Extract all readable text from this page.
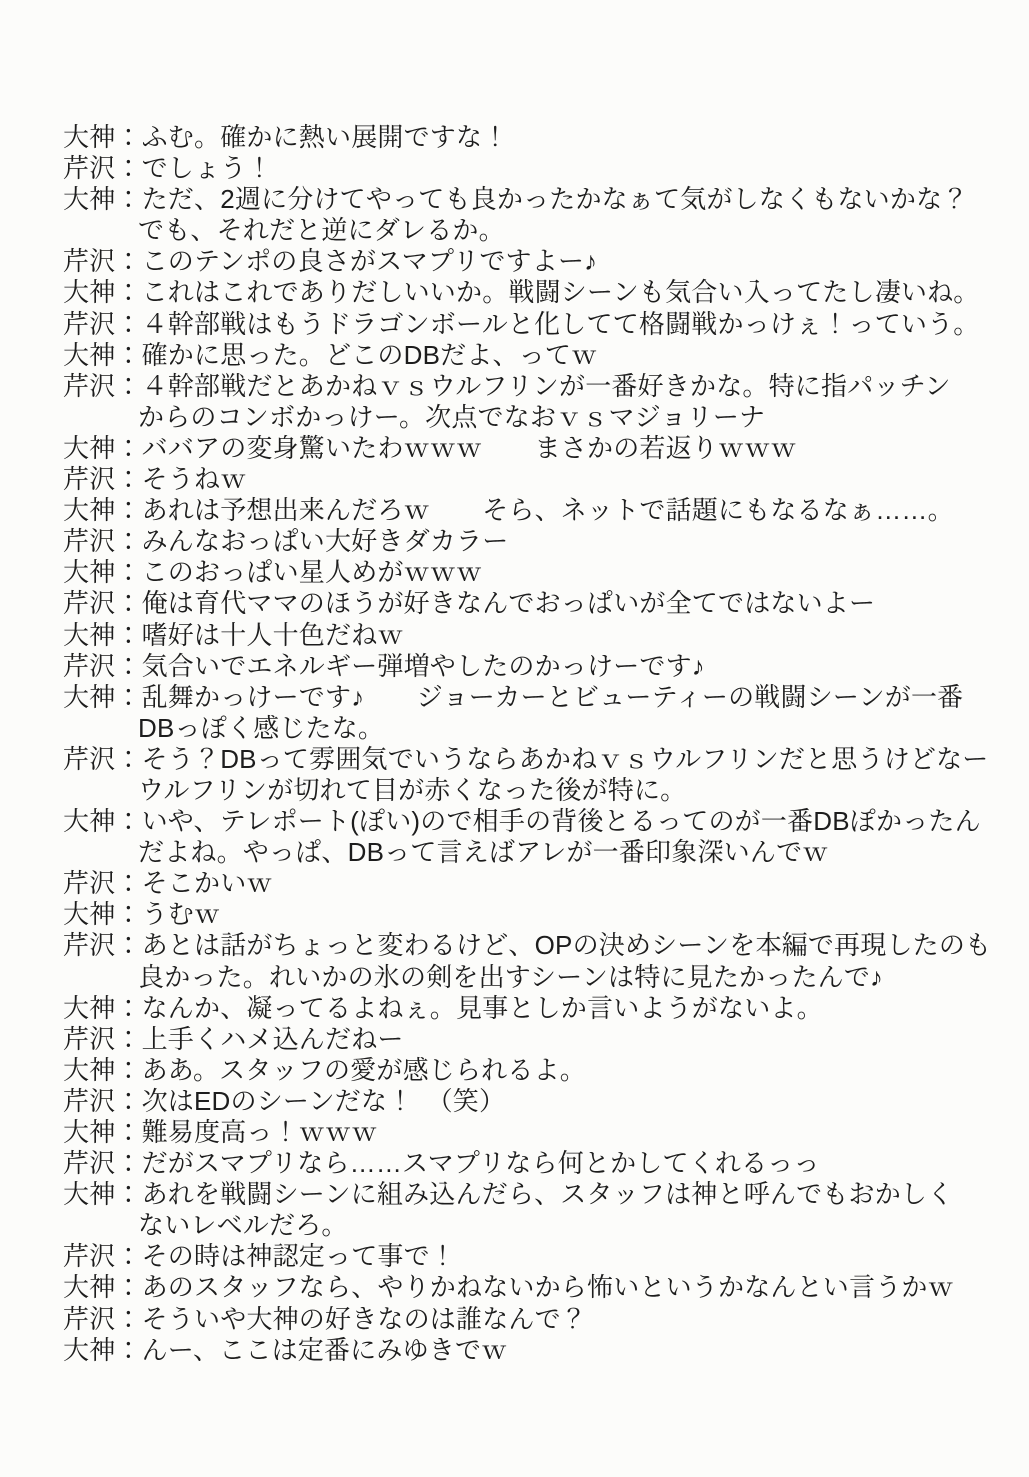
大神：ふむ。確かに熱い展開ですな！
芹沢：でしょう！
大神：ただ、2週に分けてやっても良かったかなぁて気がしなくもないかな？
でも、それだと逆にダレるか。
芹沢：このテンポの良さがスマプリですよー♪
大神：これはこれでありだしいいか。戦闘シーンも気合い入ってたし凄いね。
芹沢：４幹部戦はもうドラゴンボールと化してて格闘戦かっけぇ！っていう。
大神：確かに思った。どこのDBだよ、ってｗ
芹沢：４幹部戦だとあかねｖｓウルフリンが一番好きかな。特に指パッチン
からのコンボかっけー。次点でなおｖｓマジョリーナ
大神：ババアの変身驚いたわｗｗｗ　　まさかの若返りｗｗｗ
芹沢：そうねｗ
大神：あれは予想出来んだろｗ　　そら、ネットで話題にもなるなぁ……。
芹沢：みんなおっぱい大好きダカラー
大神：このおっぱい星人めがｗｗｗ
芹沢：俺は育代ママのほうが好きなんでおっぱいが全てではないよー
大神：嗜好は十人十色だねｗ
芹沢：気合いでエネルギー弾増やしたのかっけーです♪
大神：乱舞かっけーです♪　　ジョーカーとビューティーの戦闘シーンが一番
DBっぽく感じたな。
芹沢：そう？DBって雰囲気でいうならあかねｖｓウルフリンだと思うけどなー
ウルフリンが切れて目が赤くなった後が特に。
大神：いや、テレポート(ぽい)ので相手の背後とるってのが一番DBぽかったん
だよね。やっぱ、DBって言えばアレが一番印象深いんでｗ
芹沢：そこかいｗ
大神：うむｗ
芹沢：あとは話がちょっと変わるけど、OPの決めシーンを本編で再現したのも
良かった。れいかの氷の剣を出すシーンは特に見たかったんで♪
大神：なんか、凝ってるよねぇ。見事としか言いようがないよ。
芹沢：上手くハメ込んだねー
大神：ああ。スタッフの愛が感じられるよ。
芹沢：次はEDのシーンだな！　（笑）
大神：難易度高っ！ｗｗｗ
芹沢：だがスマプリなら……スマプリなら何とかしてくれるっっ
大神：あれを戦闘シーンに組み込んだら、スタッフは神と呼んでもおかしく
ないレベルだろ。
芹沢：その時は神認定って事で！
大神：あのスタッフなら、やりかねないから怖いというかなんとい言うかｗ
芹沢：そういや大神の好きなのは誰なんで？
大神：んー、ここは定番にみゆきでｗ
